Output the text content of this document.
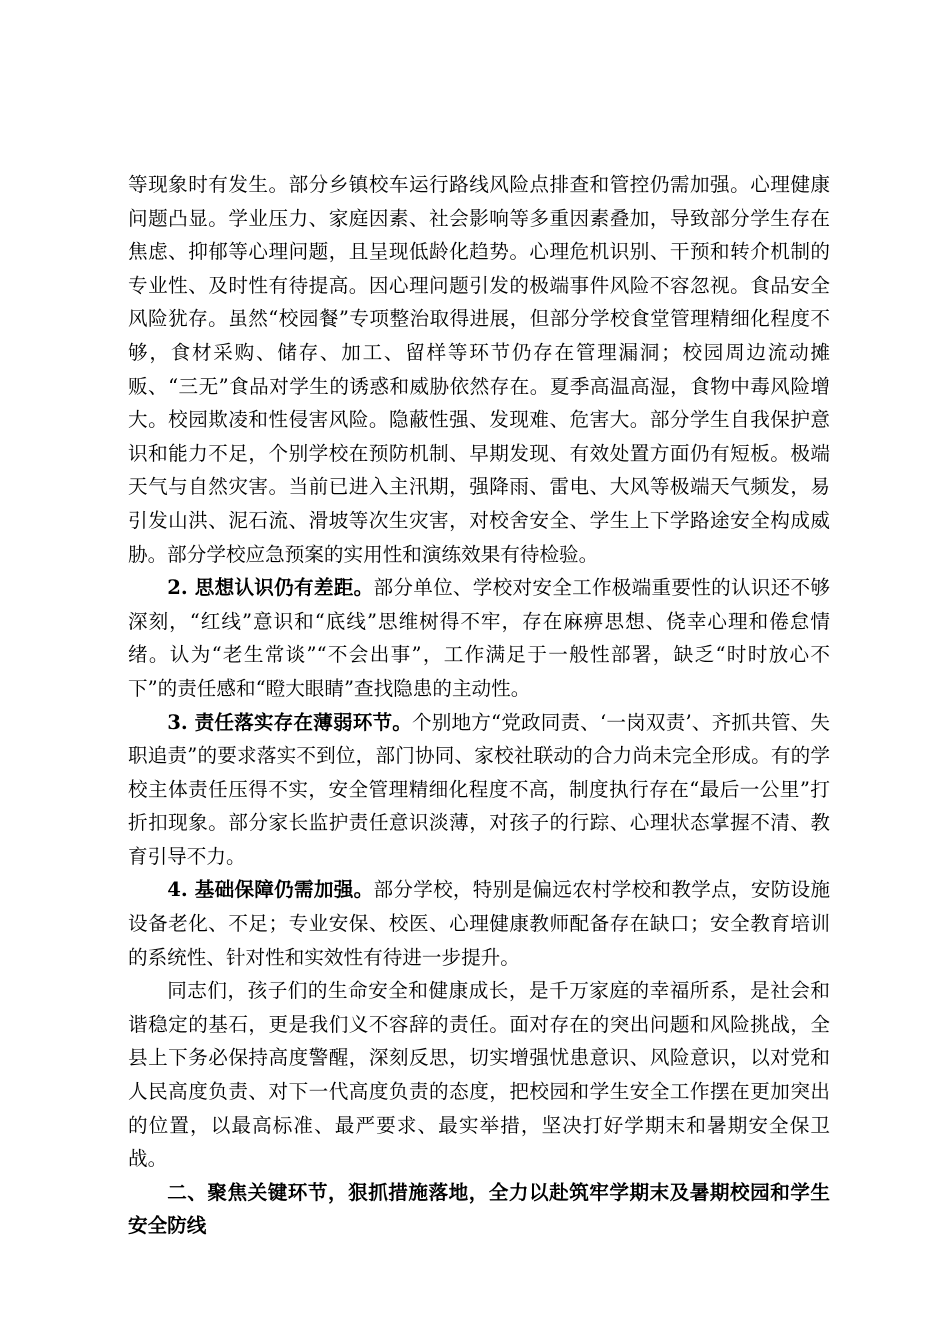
等现象时有发生。部分乡镇校车运行路线风险点排查和管控仍需加强。心理健康问题凸显。学业压力、家庭因素、社会影响等多重因素叠加，导致部分学生存在焦虑、抑郁等心理问题，且呈现低龄化趋势。心理危机识别、干预和转介机制的专业性、及时性有待提高。因心理问题引发的极端事件风险不容忽视。食品安全风险犹存。虽然“校园餐”专项整治取得进展，但部分学校食堂管理精细化程度不够，食材采购、储存、加工、留样等环节仍存在管理漏洞；校园周边流动摊贩、“三无”食品对学生的诱惑和威胁依然存在。夏季高温高湿，食物中毒风险增大。校园欺凌和性侵害风险。隐蔽性强、发现难、危害大。部分学生自我保护意识和能力不足，个别学校在预防机制、早期发现、有效处置方面仍有短板。极端天气与自然灾害。当前已进入主汛期，强降雨、雷电、大风等极端天气频发，易引发山洪、泥石流、滑坡等次生灾害，对校舍安全、学生上下学路途安全构成威胁。部分学校应急预案的实用性和演练效果有待检验。

2. 思想认识仍有差距。部分单位、学校对安全工作极端重要性的认识还不够深刻，“红线”意识和“底线”思维树得不牢，存在麻痹思想、侥幸心理和倦怠情绪。认为“老生常谈”“不会出事”，工作满足于一般性部署，缺乏“时时放心不下”的责任感和“瞪大眼睛”查找隐患的主动性。

3. 责任落实存在薄弱环节。个别地方“党政同责、‘一岗双责’、齐抓共管、失职追责”的要求落实不到位，部门协同、家校社联动的合力尚未完全形成。有的学校主体责任压得不实，安全管理精细化程度不高，制度执行存在“最后一公里”打折扣现象。部分家长监护责任意识淡薄，对孩子的行踪、心理状态掌握不清、教育引导不力。

4. 基础保障仍需加强。部分学校，特别是偏远农村学校和教学点，安防设施设备老化、不足；专业安保、校医、心理健康教师配备存在缺口；安全教育培训的系统性、针对性和实效性有待进一步提升。

同志们，孩子们的生命安全和健康成长，是千万家庭的幸福所系，是社会和谐稳定的基石，更是我们义不容辞的责任。面对存在的突出问题和风险挑战，全县上下务必保持高度警醒，深刻反思，切实增强忧患意识、风险意识，以对党和人民高度负责、对下一代高度负责的态度，把校园和学生安全工作摆在更加突出的位置，以最高标准、最严要求、最实举措，坚决打好学期末和暑期安全保卫战。

二、聚焦关键环节，狠抓措施落地，全力以赴筑牢学期末及暑期校园和学生安全防线
